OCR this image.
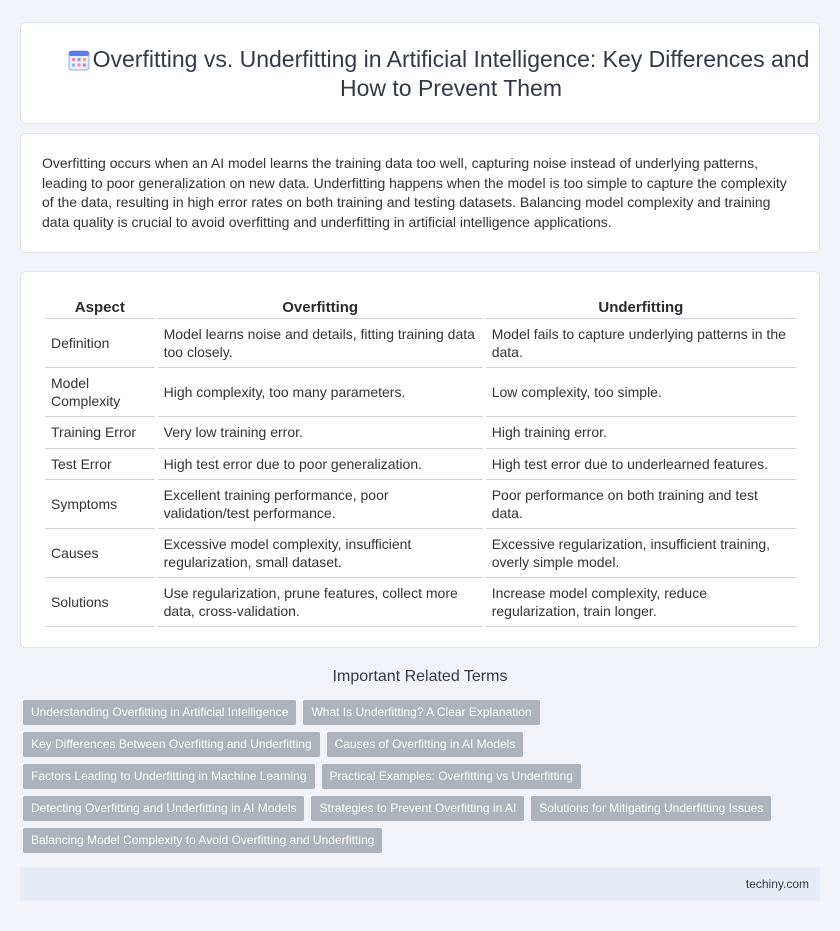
Overfitting vs. Underfitting in Artificial Intelligence: Key Differences and How to Prevent Them

Overfitting occurs when an AI model learns the training data too well, capturing noise instead of underlying patterns, leading to poor generalization on new data. Underfitting happens when the model is too simple to capture the complexity of the data, resulting in high error rates on both training and testing datasets. Balancing model complexity and training data quality is crucial to avoid overfitting and underfitting in artificial intelligence applications.

Aspect	Overfitting	Underfitting
Definition	Model learns noise and details, fitting training data too closely.	Model fails to capture underlying patterns in the data.
Model Complexity	High complexity, too many parameters.	Low complexity, too simple.
Training Error	Very low training error.	High training error.
Test Error	High test error due to poor generalization.	High test error due to underlearned features.
Symptoms	Excellent training performance, poor validation/test performance.	Poor performance on both training and test data.
Causes	Excessive model complexity, insufficient regularization, small dataset.	Excessive regularization, insufficient training, overly simple model.
Solutions	Use regularization, prune features, collect more data, cross-validation.	Increase model complexity, reduce regularization, train longer.
Important Related Terms
Understanding Overfitting in Artificial Intelligence	What Is Underfitting? A Clear Explanation
Key Differences Between Overfitting and Underfitting	Causes of Overfitting in AI Models
Factors Leading to Underfitting in Machine Learning	Practical Examples: Overfitting vs Underfitting
Detecting Overfitting and Underfitting in AI Models	Strategies to Prevent Overfitting in AI	Solutions for Mitigating Underfitting Issues
Balancing Model Complexity to Avoid Overfitting and Underfitting
techiny.com
